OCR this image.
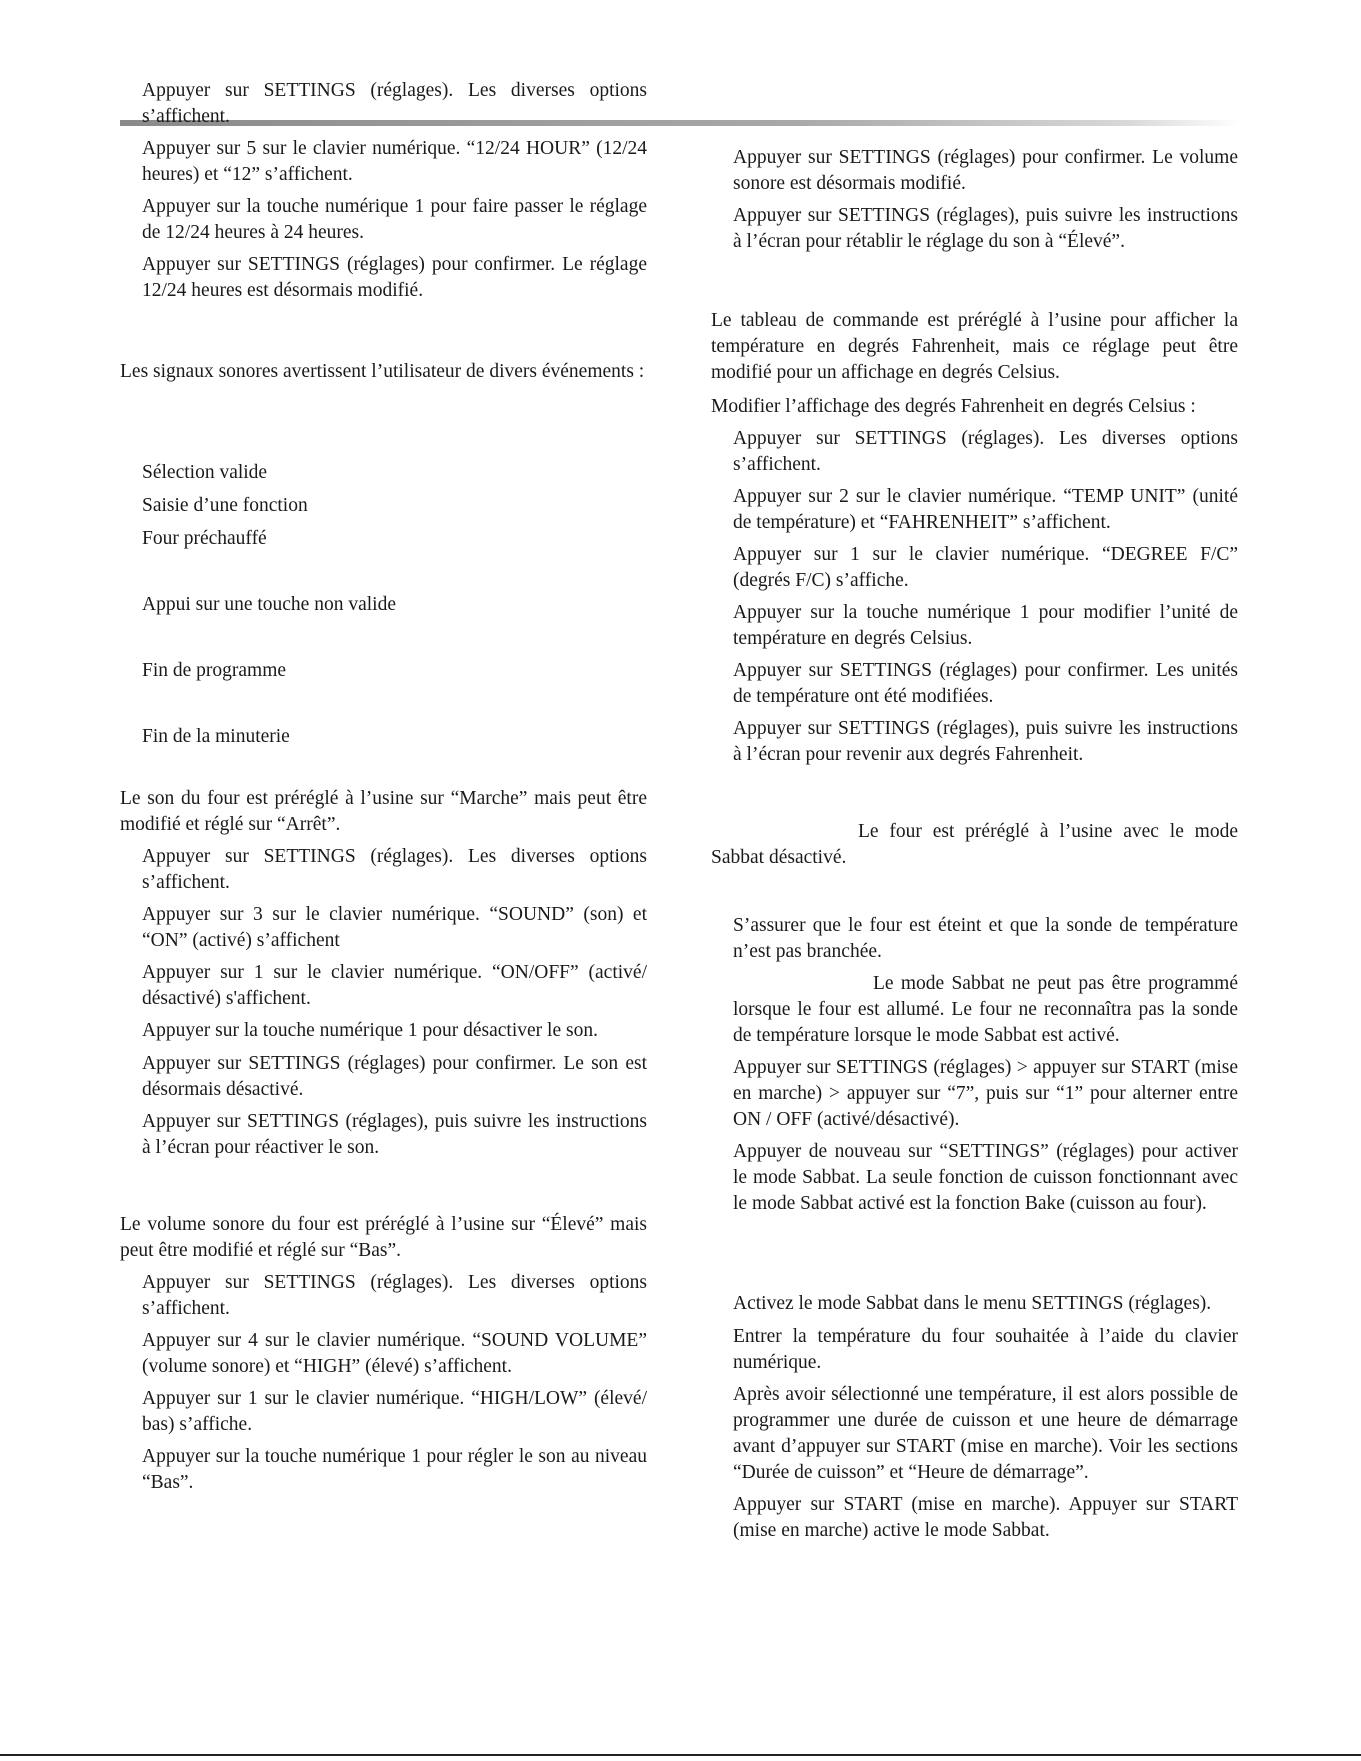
Appuyer sur SETTINGS (réglages). Les diverses options s’affichent.

Appuyer sur 5 sur le clavier numérique. “12/24 HOUR” (12/24 heures) et “12” s’affichent.

Appuyer sur la touche numérique 1 pour faire passer le réglage de 12/24 heures à 24 heures.

Appuyer sur SETTINGS (réglages) pour confirmer. Le réglage 12/24 heures est désormais modifié.

Les signaux sonores avertissent l’utilisateur de divers événements :

Sélection valide

Saisie d’une fonction

Four préchauffé

Appui sur une touche non valide

Fin de programme

Fin de la minuterie

Le son du four est préréglé à l’usine sur “Marche” mais peut être modifié et réglé sur “Arrêt”.

Appuyer sur SETTINGS (réglages). Les diverses options s’affichent.

Appuyer sur 3 sur le clavier numérique. “SOUND” (son) et “ON” (activé) s’affichent

Appuyer sur 1 sur le clavier numérique. “ON/OFF” (activé/ désactivé) s'affichent.

Appuyer sur la touche numérique 1 pour désactiver le son.

Appuyer sur SETTINGS (réglages) pour confirmer. Le son est désormais désactivé.

Appuyer sur SETTINGS (réglages), puis suivre les instructions à l’écran pour réactiver le son.

Le volume sonore du four est préréglé à l’usine sur “Élevé” mais peut être modifié et réglé sur “Bas”.

Appuyer sur SETTINGS (réglages). Les diverses options s’affichent.

Appuyer sur 4 sur le clavier numérique. “SOUND VOLUME” (volume sonore) et “HIGH” (élevé) s’affichent.

Appuyer sur 1 sur le clavier numérique. “HIGH/LOW” (élevé/ bas) s’affiche.

Appuyer sur la touche numérique 1 pour régler le son au niveau “Bas”.

Appuyer sur SETTINGS (réglages) pour confirmer. Le volume sonore est désormais modifié.

Appuyer sur SETTINGS (réglages), puis suivre les instructions à l’écran pour rétablir le réglage du son à “Élevé”.

Le tableau de commande est préréglé à l’usine pour afficher la température en degrés Fahrenheit, mais ce réglage peut être modifié pour un affichage en degrés Celsius.

Modifier l’affichage des degrés Fahrenheit en degrés Celsius :

Appuyer sur SETTINGS (réglages). Les diverses options s’affichent.

Appuyer sur 2 sur le clavier numérique. “TEMP UNIT” (unité de température) et “FAHRENHEIT” s’affichent.

Appuyer sur 1 sur le clavier numérique. “DEGREE F/C” (degrés F/C) s’affiche.

Appuyer sur la touche numérique 1 pour modifier l’unité de température en degrés Celsius.

Appuyer sur SETTINGS (réglages) pour confirmer. Les unités de température ont été modifiées.

Appuyer sur SETTINGS (réglages), puis suivre les instructions à l’écran pour revenir aux degrés Fahrenheit.

Le four est préréglé à l’usine avec le mode Sabbat désactivé.

S’assurer que le four est éteint et que la sonde de température n’est pas branchée.

Le mode Sabbat ne peut pas être programmé lorsque le four est allumé. Le four ne reconnaîtra pas la sonde de température lorsque le mode Sabbat est activé.

Appuyer sur SETTINGS (réglages) > appuyer sur START (mise en marche) > appuyer sur “7”, puis sur “1” pour alterner entre ON / OFF (activé/désactivé).

Appuyer de nouveau sur “SETTINGS” (réglages) pour activer le mode Sabbat. La seule fonction de cuisson fonctionnant avec le mode Sabbat activé est la fonction Bake (cuisson au four).

Activez le mode Sabbat dans le menu SETTINGS (réglages).

Entrer la température du four souhaitée à l’aide du clavier numérique.

Après avoir sélectionné une température, il est alors possible de programmer une durée de cuisson et une heure de démarrage avant d’appuyer sur START (mise en marche). Voir les sections “Durée de cuisson” et “Heure de démarrage”.

Appuyer sur START (mise en marche). Appuyer sur START (mise en marche) active le mode Sabbat.
